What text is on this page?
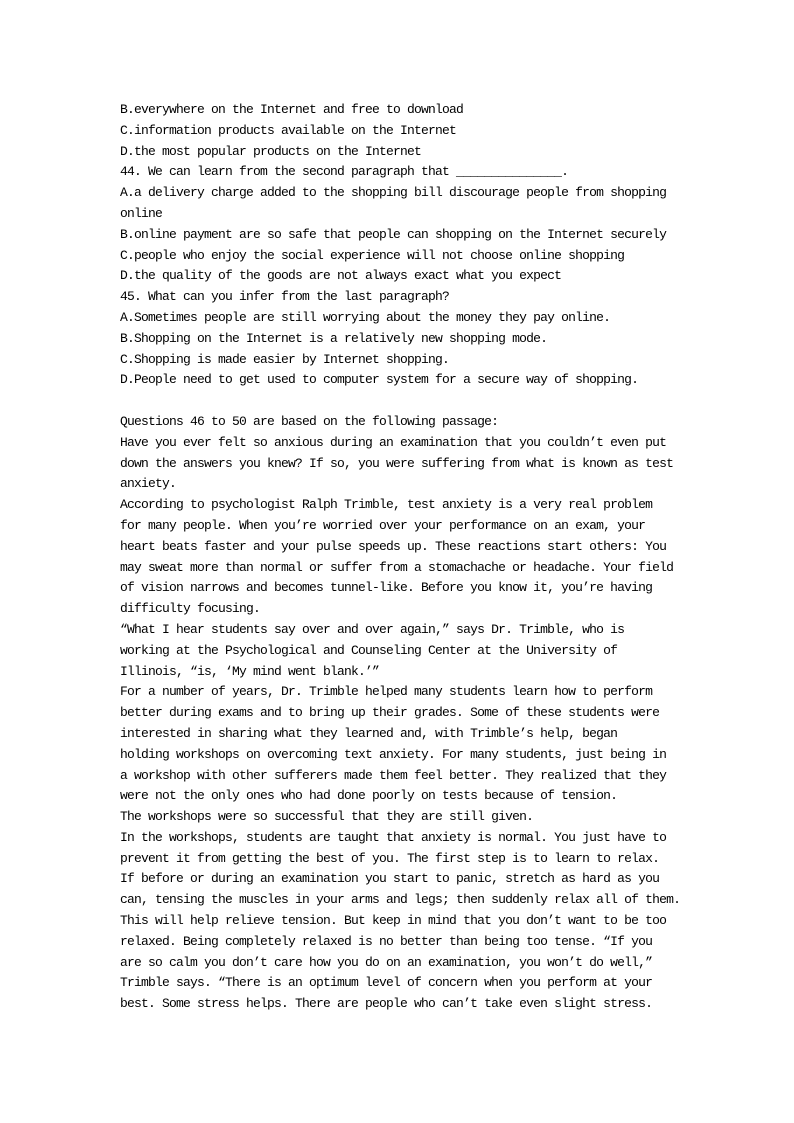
B.everywhere on the Internet and free to download
C.information products available on the Internet
D.the most popular products on the Internet
44. We can learn from the second paragraph that _______________.
A.a delivery charge added to the shopping bill discourage people from shopping
online
B.online payment are so safe that people can shopping on the Internet securely
C.people who enjoy the social experience will not choose online shopping
D.the quality of the goods are not always exact what you expect
45. What can you infer from the last paragraph?
A.Sometimes people are still worrying about the money they pay online.
B.Shopping on the Internet is a relatively new shopping mode.
C.Shopping is made easier by Internet shopping.
D.People need to get used to computer system for a secure way of shopping.
Questions 46 to 50 are based on the following passage:
Have you ever felt so anxious during an examination that you couldn’t even put
down the answers you knew? If so, you were suffering from what is known as test
anxiety.
According to psychologist Ralph Trimble, test anxiety is a very real problem
for many people. When you’re worried over your performance on an exam, your
heart beats faster and your pulse speeds up. These reactions start others: You
may sweat more than normal or suffer from a stomachache or headache. Your field
of vision narrows and becomes tunnel-like. Before you know it, you’re having
difficulty focusing.
“What I hear students say over and over again,” says Dr. Trimble, who is
working at the Psychological and Counseling Center at the University of
Illinois, “is, ‘My mind went blank.’”
For a number of years, Dr. Trimble helped many students learn how to perform
better during exams and to bring up their grades. Some of these students were
interested in sharing what they learned and, with Trimble’s help, began
holding workshops on overcoming text anxiety. For many students, just being in
a workshop with other sufferers made them feel better. They realized that they
were not the only ones who had done poorly on tests because of tension.
The workshops were so successful that they are still given.
In the workshops, students are taught that anxiety is normal. You just have to
prevent it from getting the best of you. The first step is to learn to relax.
If before or during an examination you start to panic, stretch as hard as you
can, tensing the muscles in your arms and legs; then suddenly relax all of them.
This will help relieve tension. But keep in mind that you don’t want to be too
relaxed. Being completely relaxed is no better than being too tense. “If you
are so calm you don’t care how you do on an examination, you won’t do well,”
Trimble says. “There is an optimum level of concern when you perform at your
best. Some stress helps. There are people who can’t take even slight stress.
